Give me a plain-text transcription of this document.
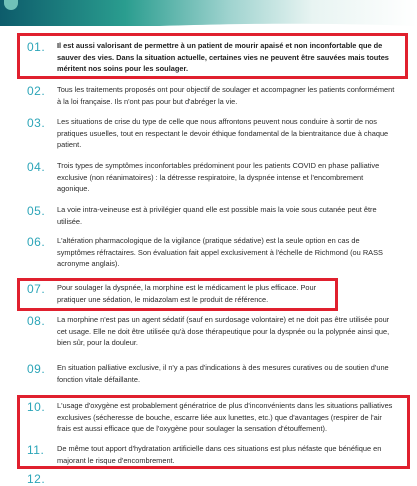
01. Il est aussi valorisant de permettre à un patient de mourir apaisé et non inconfortable que de sauver des vies. Dans la situation actuelle, certaines vies ne peuvent être sauvées mais toutes méritent nos soins pour les soulager.
02. Tous les traitements proposés ont pour objectif de soulager et accompagner les patients conformément à la loi française. Ils n'ont pas pour but d'abréger la vie.
03. Les situations de crise du type de celle que nous affrontons peuvent nous conduire à sortir de nos pratiques usuelles, tout en respectant le devoir éthique fondamental de la bientraitance due à chaque patient.
04. Trois types de symptômes inconfortables prédominent pour les patients COVID en phase palliative exclusive (non réanimatoires) : la détresse respiratoire, la dyspnée intense et l'encombrement agonique.
05. La voie intra-veineuse est à privilégier quand elle est possible mais la voie sous cutanée peut être utilisée.
06. L'altération pharmacologique de la vigilance (pratique sédative) est la seule option en cas de symptômes réfractaires. Son évaluation fait appel exclusivement à l'échelle de Richmond (ou RASS acronyme anglais).
07. Pour soulager la dyspnée, la morphine est le médicament le plus efficace. Pour pratiquer une sédation, le midazolam est le produit de référence.
08. La morphine n'est pas un agent sédatif (sauf en surdosage volontaire) et ne doit pas être utilisée pour cet usage. Elle ne doit être utilisée qu'à dose thérapeutique pour la dyspnée ou la polypnée ainsi que, bien sûr, pour la douleur.
09. En situation palliative exclusive, il n'y a pas d'indications à des mesures curatives ou de soutien d'une fonction vitale défaillante.
10. L'usage d'oxygène est probablement génératrice de plus d'inconvénients dans les situations palliatives exclusives (sécheresse de bouche, escarre liée aux lunettes, etc.) que d'avantages (respirer de l'air frais est aussi efficace que de l'oxygène pour soulager la sensation d'étouffement).
11. De même tout apport d'hydratation artificielle dans ces situations est plus néfaste que bénéfique en majorant le risque d'encombrement.
12.
